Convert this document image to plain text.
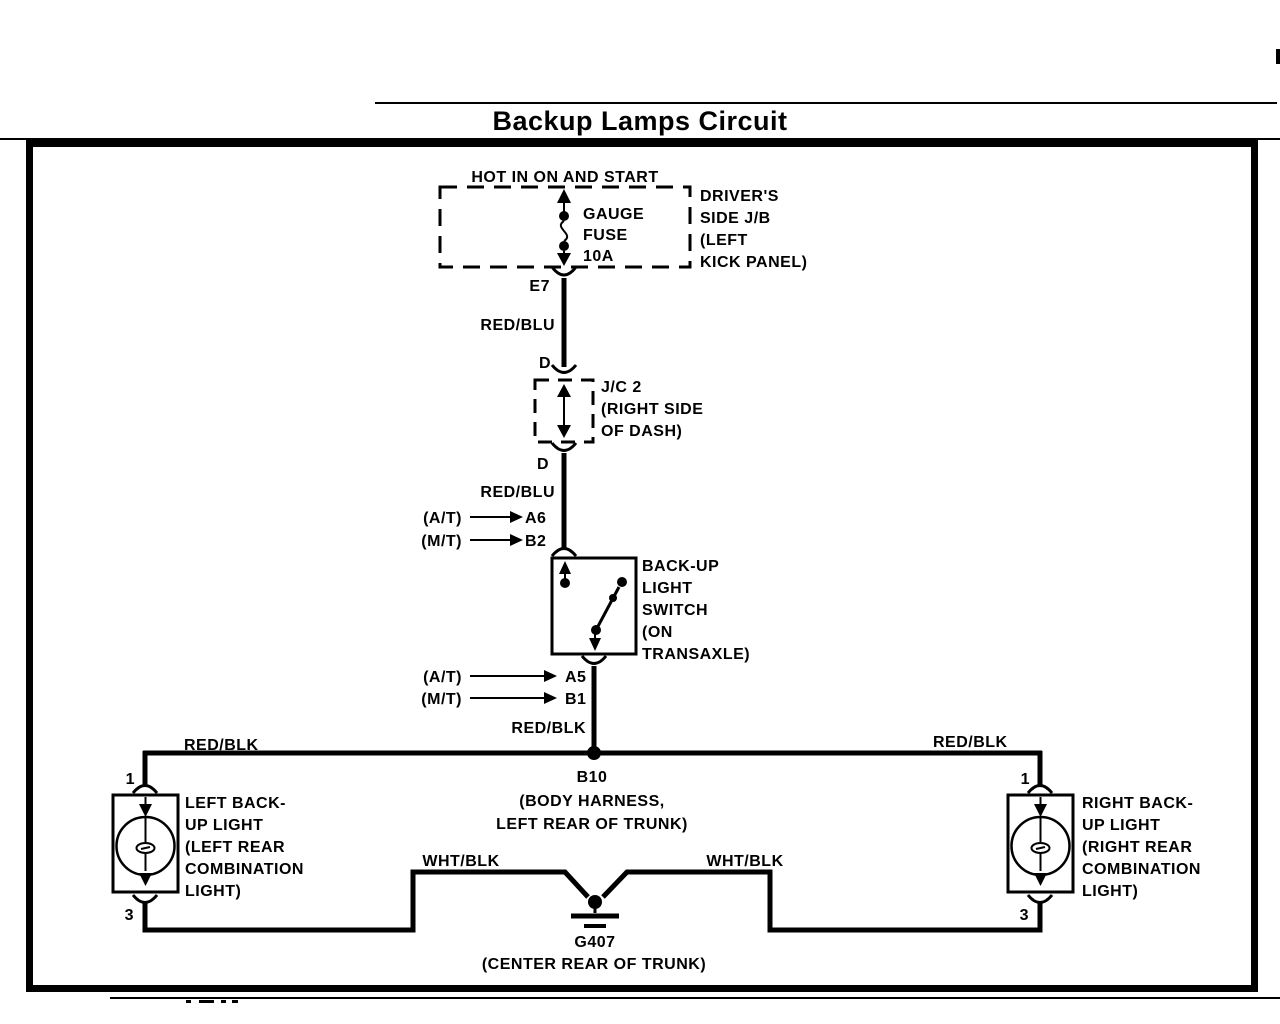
Backup Lamps Circuit
HOT IN ON AND START
GAUGE
FUSE
10A
DRIVER'S
SIDE J/B
(LEFT
KICK PANEL)
E7
RED/BLU
D
J/C 2
(RIGHT SIDE
OF DASH)
D
RED/BLU
(A/T)	A6
(M/T)	B2
BACK-UP
LIGHT
SWITCH
(ON
TRANSAXLE)
(A/T)	A5
(M/T)	B1
RED/BLK
RED/BLK	RED/BLK
B10
(BODY HARNESS,
LEFT REAR OF TRUNK)
1
LEFT BACK-
UP LIGHT
(LEFT REAR
COMBINATION
LIGHT)
3
1
RIGHT BACK-
UP LIGHT
(RIGHT REAR
COMBINATION
LIGHT)
3
WHT/BLK	WHT/BLK
G407
(CENTER REAR OF TRUNK)
